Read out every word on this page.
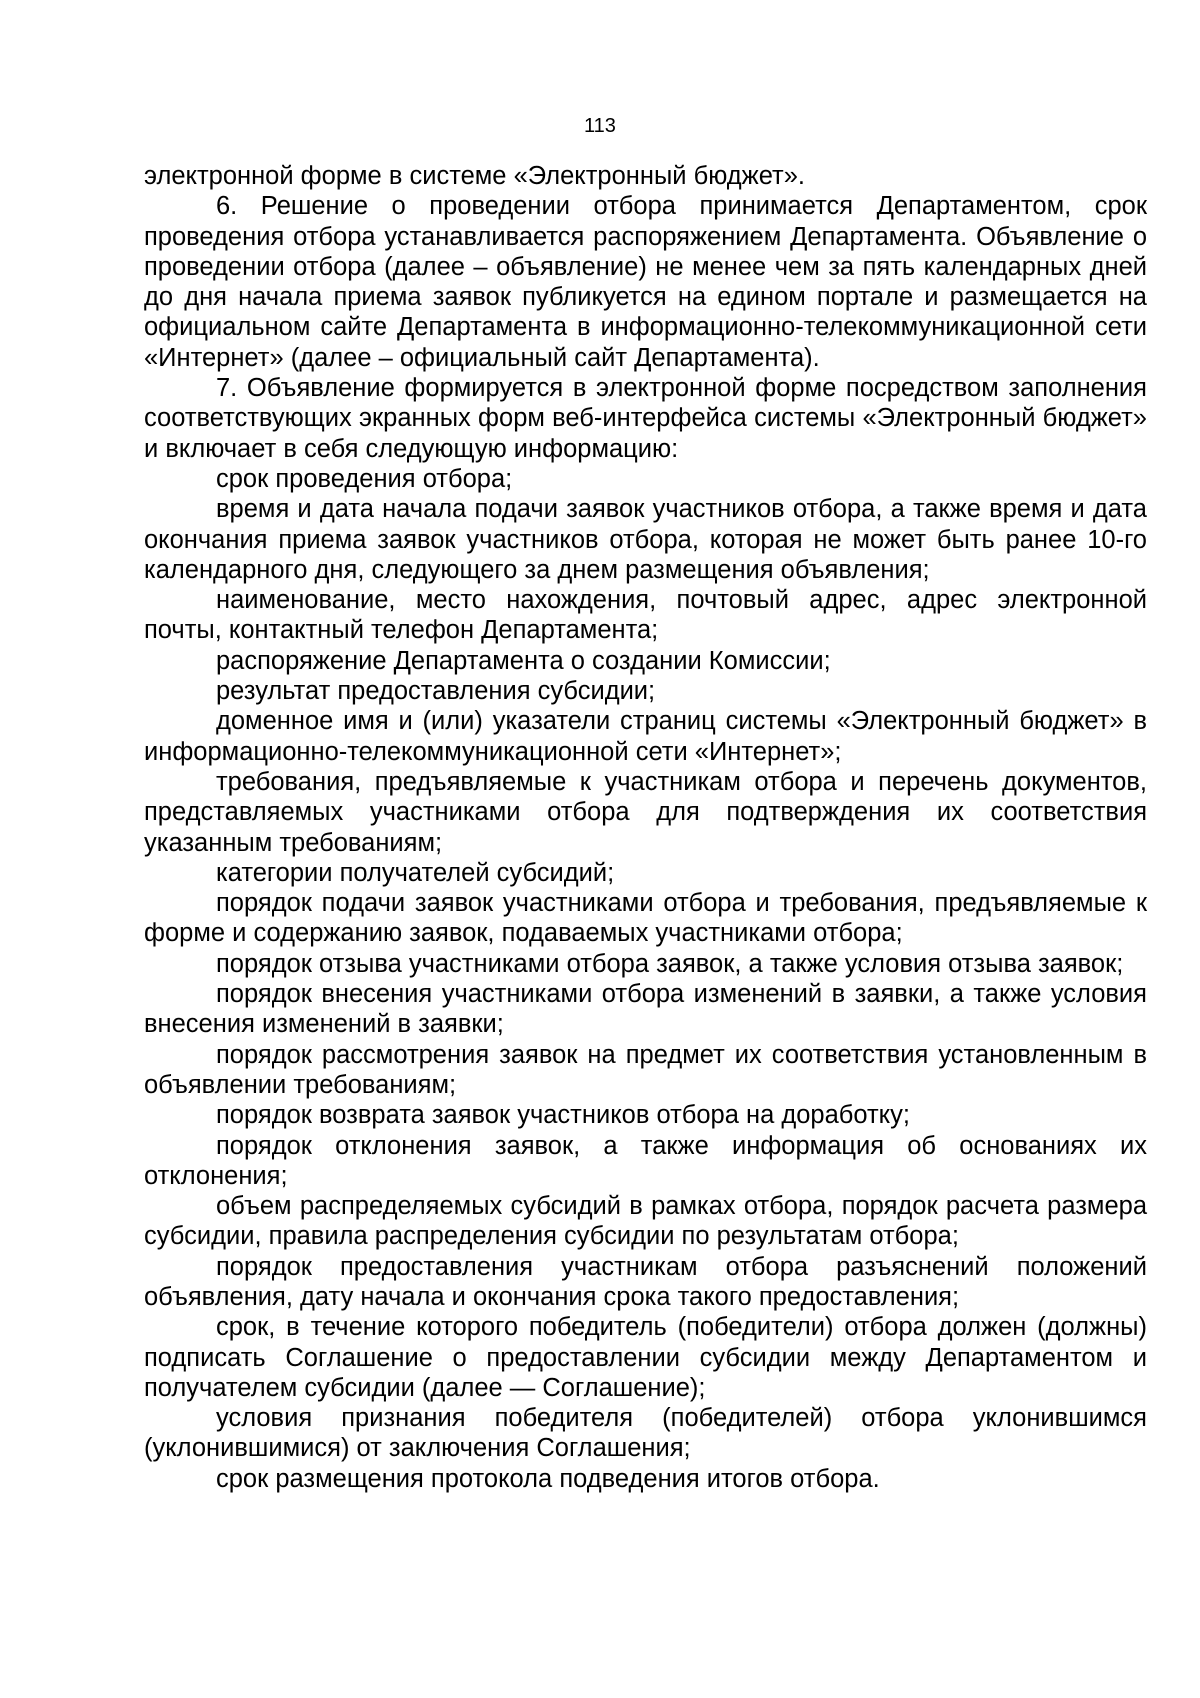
113

электронной форме в системе «Электронный бюджет».

6. Решение о проведении отбора принимается Департаментом, срок проведения отбора устанавливается распоряжением Департамента. Объявление о проведении отбора (далее – объявление) не менее чем за пять календарных дней до дня начала приема заявок публикуется на едином портале и размещается на официальном сайте Департамента в информационно-телекоммуникационной сети «Интернет» (далее – официальный сайт Департамента).

7. Объявление формируется в электронной форме посредством заполнения соответствующих экранных форм веб-интерфейса системы «Электронный бюджет» и включает в себя следующую информацию:

срок проведения отбора;

время и дата начала подачи заявок участников отбора, а также время и дата окончания приема заявок участников отбора, которая не может быть ранее 10-го календарного дня, следующего за днем размещения объявления;

наименование, место нахождения, почтовый адрес, адрес электронной почты, контактный телефон Департамента;

распоряжение Департамента о создании Комиссии;

результат предоставления субсидии;

доменное имя и (или) указатели страниц системы «Электронный бюджет» в информационно-телекоммуникационной сети «Интернет»;

требования, предъявляемые к участникам отбора и перечень документов, представляемых участниками отбора для подтверждения их соответствия указанным требованиям;

категории получателей субсидий;

порядок подачи заявок участниками отбора и требования, предъявляемые к форме и содержанию заявок, подаваемых участниками отбора;

порядок отзыва участниками отбора заявок, а также условия отзыва заявок;

порядок внесения участниками отбора изменений в заявки, а также условия внесения изменений в заявки;

порядок рассмотрения заявок на предмет их соответствия установленным в объявлении требованиям;

порядок возврата заявок участников отбора на доработку;

порядок отклонения заявок, а также информация об основаниях их отклонения;

объем распределяемых субсидий в рамках отбора, порядок расчета размера субсидии, правила распределения субсидии по результатам отбора;

порядок предоставления участникам отбора разъяснений положений объявления, дату начала и окончания срока такого предоставления;

срок, в течение которого победитель (победители) отбора должен (должны) подписать Соглашение о предоставлении субсидии между Департаментом и получателем субсидии (далее — Соглашение);

условия признания победителя (победителей) отбора уклонившимся (уклонившимися) от заключения Соглашения;

срок размещения протокола подведения итогов отбора.
